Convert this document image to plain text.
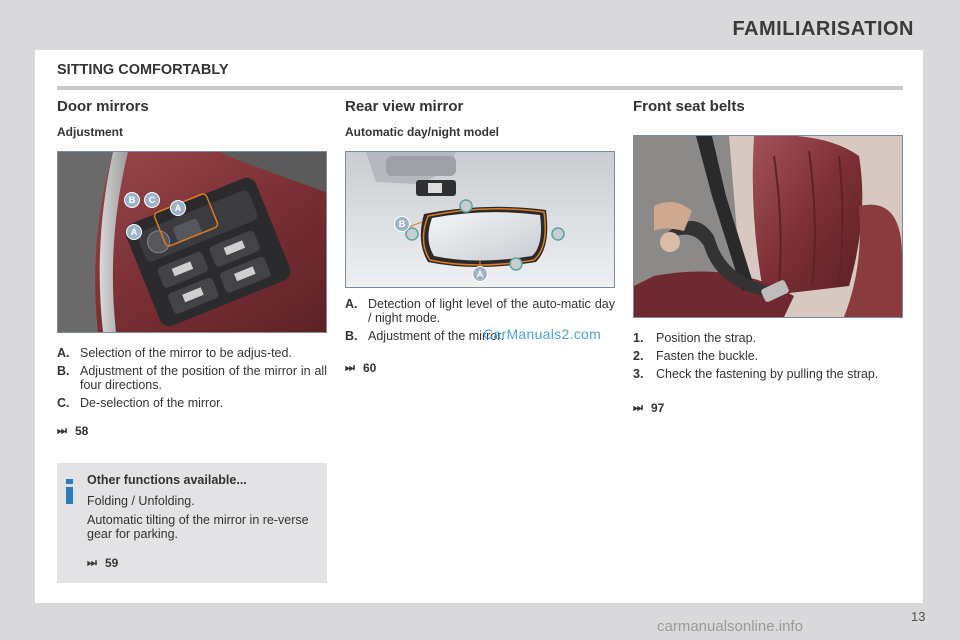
FAMILIARISATION
SITTING COMFORTABLY
Door mirrors
Adjustment
B	C
A
A
A. Selection of the mirror to be adjus-ted.
B. Adjustment of the position of the mirror in all four directions.
C. De-selection of the mirror.
⏭ 58
Other functions available...
Folding / Unfolding.
Automatic tilting of the mirror in re-verse gear for parking.
⏭ 59
Rear view mirror
Automatic day/night model
B
A
A. Detection of light level of the auto-matic day / night mode.
B. Adjustment of the mirror.
⏭ 60
Front seat belts
1.	Position the strap.
2.	Fasten the buckle.
3.	Check the fastening by pulling the strap.
⏭ 97
CarManuals2.com
13
carmanualsonline.info
